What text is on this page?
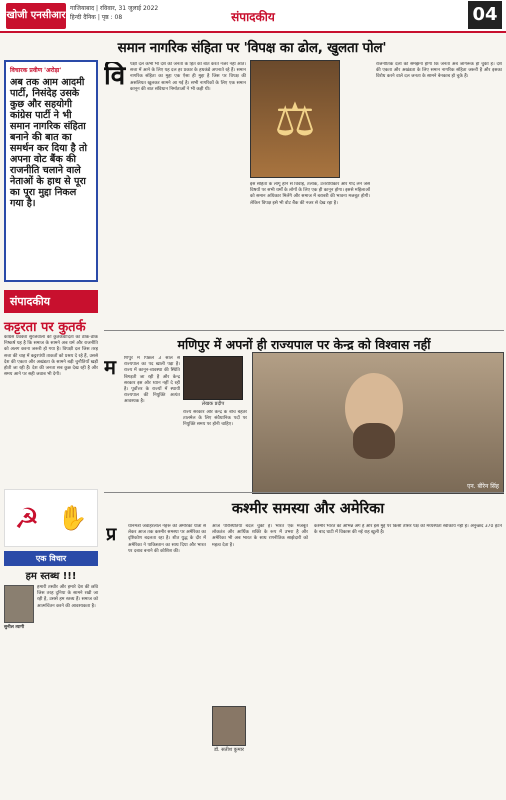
खोजी एनसीआर
गाजियाबाद | रविवार, 31 जुलाई 2022
हिन्दी दैनिक | पृष्ठ : 08	संपादकीय	04
समान नागरिक संहिता पर 'विपक्ष का ढोल, खुलता पोल'
विचारक प्रवीण 'अरोड़ा'
अब तक आम आदमी पार्टी, निसंदेह उसके कुछ और सहयोगी कांग्रेस पार्टी ने भी समान नागरिक संहिता बनाने की बात का समर्थन कर दिया है तो अपना वोट बैंक की राजनीति चलाने वाले नेताओं के हाथ से पूरा का पूरा मुद्दा निकल गया है।
संपादकीय
कट्टरता पर कुतर्क
कांग्रेस प्रवक्ता सुरजेवाला की कुतर्कवादिता का ठीक-ठीक निष्कर्ष यह है कि समाज के सामने अब धर्म और राजनीति को अलग करना जरूरी हो गया है। विपक्षी दल जिस तरह सत्ता की चाह में कट्टरपंथी ताकतों को प्रश्रय दे रहे हैं, उससे देश की एकता और अखंडता के सामने बड़ी चुनौतियाँ खड़ी होती जा रही हैं। देश की जनता सब कुछ देख रही है और समय आने पर सही जवाब भी देगी।
☭ ✋
एक विचार
हम स्तब्ध !!!
हमारी तस्वीर और हमारे देश की छवि जिस तरह दुनिया के सामने रखी जा रही है, उससे हम स्तब्ध हैं। समाज को आत्मचिंतन करने की आवश्यकता है।
सुनील त्यागी
वि	पक्षी दल कभी भी देश की जनता के हित की बात करते नजर नहीं आते। सत्ता में आने के लिए यह दल हर प्रकार के हथकंडे अपनाते रहे हैं। समान नागरिक संहिता का मुद्दा एक ऐसा ही मुद्दा है जिस पर विपक्ष की असलियत खुलकर सामने आ गई है। सभी नागरिकों के लिए एक समान कानून की बात संविधान निर्माताओं ने भी कही थी।
⚖
इस संहिता के लागू होने से विवाह, तलाक, उत्तराधिकार और गोद लेने जैसे विषयों पर सभी धर्मों के लोगों के लिए एक ही कानून होगा। इससे महिलाओं को समान अधिकार मिलेंगे और समाज में बराबरी की भावना मजबूत होगी। लेकिन विपक्ष इसे भी वोट बैंक की नजर से देख रहा है।
राजनीतिक दलों को समझना होगा कि जनता अब जागरूक हो चुकी है। देश की एकता और अखंडता के लिए समान नागरिक संहिता जरूरी है और इसका विरोध करने वाले दल जनता के सामने बेनकाब हो चुके हैं।
मणिपुर में अपनों ही राज्यपाल पर केन्द्र को विश्वास नहीं
म	णिपुर में पिछले 3 साल से राज्यपाल का पद खाली पड़ा है। राज्य में कानून-व्यवस्था की स्थिति बिगड़ती जा रही है और केन्द्र सरकार इस ओर ध्यान नहीं दे रही है। पूर्वोत्तर के राज्यों में स्थायी राज्यपाल की नियुक्ति अत्यंत आवश्यक है।	लेखक प्रदीप
राज्य सरकार और केन्द्र के बीच बेहतर तालमेल के लिए संवैधानिक पदों पर नियुक्ति समय पर होनी चाहिए।
एन. बीरेन सिंह
कश्मीर समस्या और अमेरिका
प्र	धानमंत्री जवाहरलाल नेहरू की अमेरिका यात्रा से लेकर आज तक कश्मीर समस्या पर अमेरिका का दृष्टिकोण बदलता रहा है। शीत युद्ध के दौर में अमेरिका ने पाकिस्तान का साथ दिया और भारत पर दबाव बनाने की कोशिश की।
आज परिस्थितियाँ बदल चुकी हैं। भारत एक मजबूत लोकतंत्र और आर्थिक शक्ति के रूप में उभरा है और अमेरिका भी अब भारत के साथ रणनीतिक साझेदारी को महत्व देता है।
डॉ. सतीश कुमार
कश्मीर भारत का अभिन्न अंग है और इस मुद्दे पर किसी तीसरे पक्ष की मध्यस्थता स्वीकार्य नहीं है। अनुच्छेद 370 हटने के बाद घाटी में विकास की नई राह खुली है।
